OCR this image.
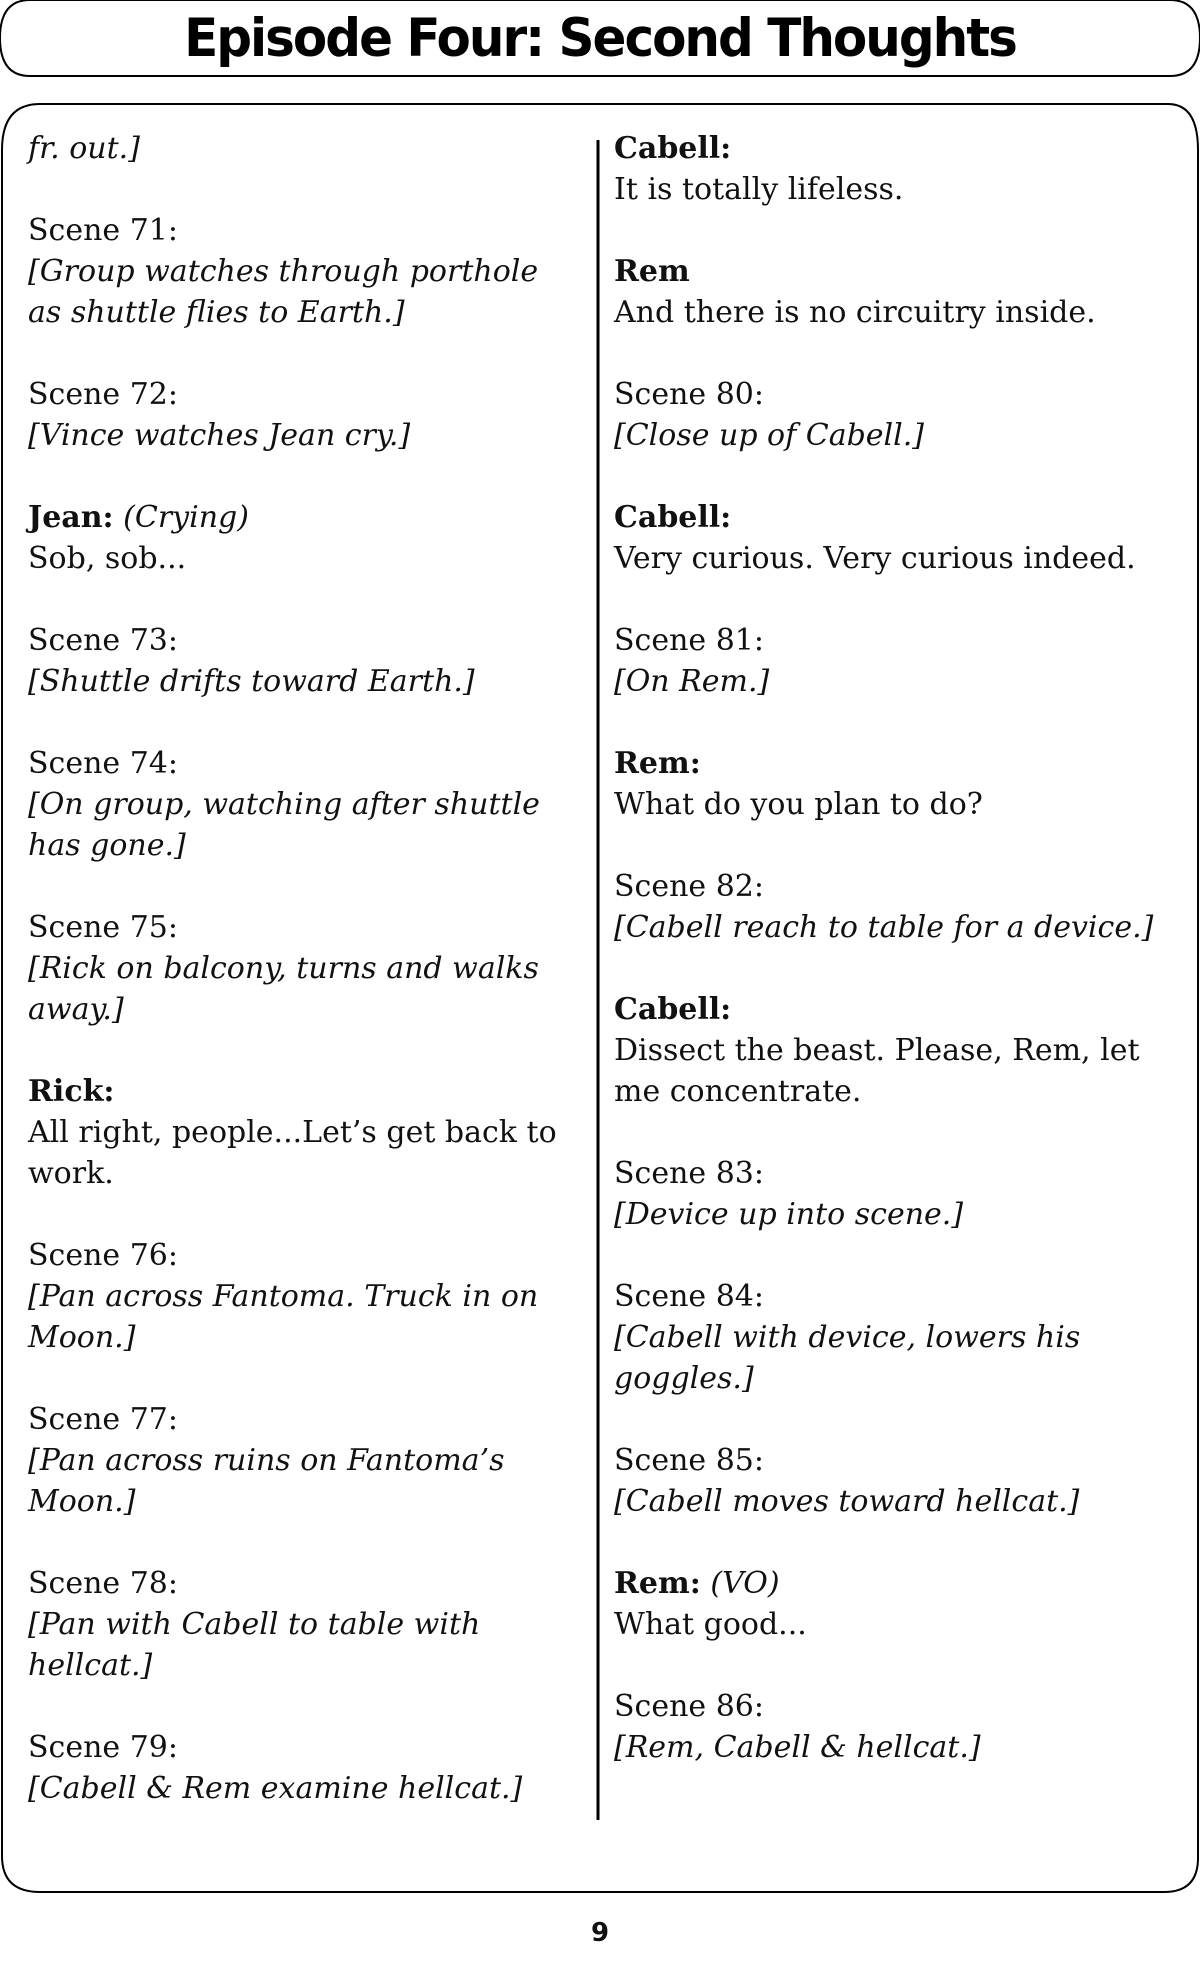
Episode Four: Second Thoughts
fr. out.]
Scene 71:
[Group watches through porthole as shuttle flies to Earth.]
Scene 72:
[Vince watches Jean cry.]
Jean: (Crying)
Sob, sob...
Scene 73:
[Shuttle drifts toward Earth.]
Scene 74:
[On group, watching after shuttle has gone.]
Scene 75:
[Rick on balcony, turns and walks away.]
Rick:
All right, people...Let’s get back to work.
Scene 76:
[Pan across Fantoma. Truck in on Moon.]
Scene 77:
[Pan across ruins on Fantoma’s Moon.]
Scene 78:
[Pan with Cabell to table with hellcat.]
Scene 79:
[Cabell & Rem examine hellcat.]
Cabell:
It is totally lifeless.
Rem
And there is no circuitry inside.
Scene 80:
[Close up of Cabell.]
Cabell:
Very curious. Very curious indeed.
Scene 81:
[On Rem.]
Rem:
What do you plan to do?
Scene 82:
[Cabell reach to table for a device.]
Cabell:
Dissect the beast. Please, Rem, let me concentrate.
Scene 83:
[Device up into scene.]
Scene 84:
[Cabell with device, lowers his goggles.]
Scene 85:
[Cabell moves toward hellcat.]
Rem: (VO)
What good...
Scene 86:
[Rem, Cabell & hellcat.]
9
